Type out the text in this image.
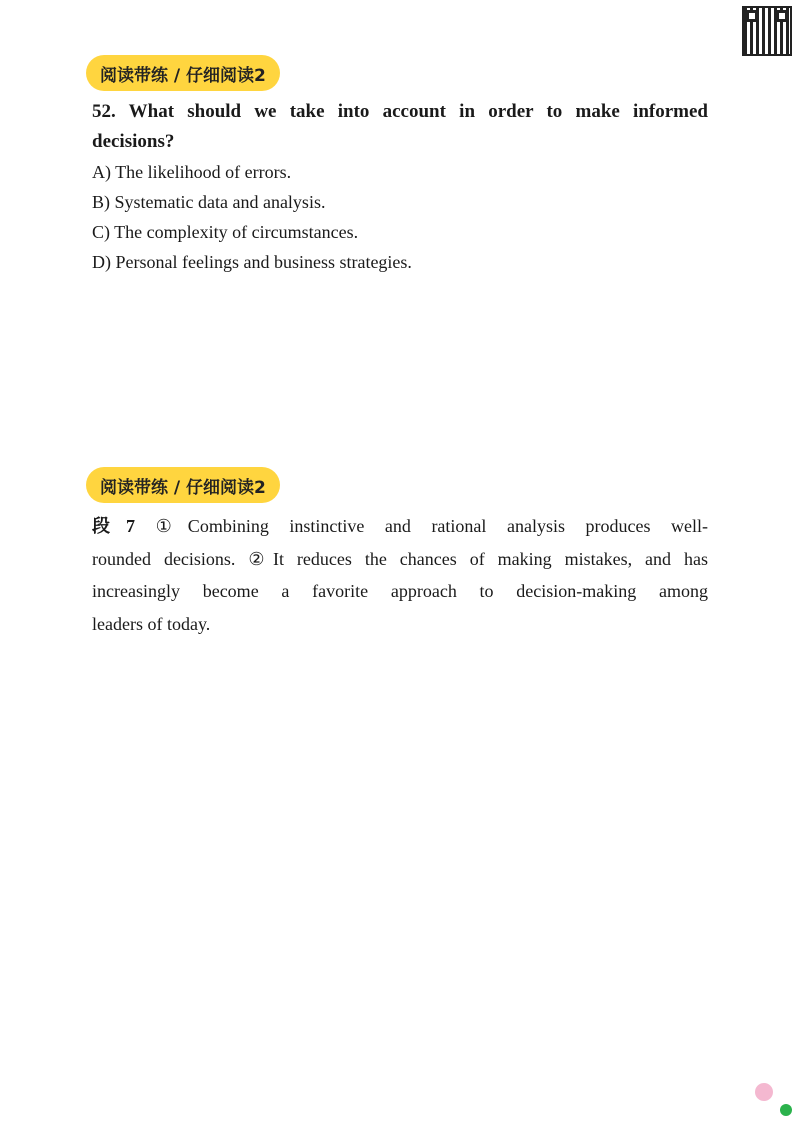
阅读带练 / 仔细阅读2
52. What should we take into account in order to make informed
decisions?
A) The likelihood of errors.
B) Systematic data and analysis.
C) The complexity of circumstances.
D) Personal feelings and business strategies.
阅读带练 / 仔细阅读2
段7 ①Combining instinctive and rational analysis produces well-
rounded decisions. ②It reduces the chances of making mistakes, and has
increasingly become a favorite approach to decision-making among
leaders of today.
